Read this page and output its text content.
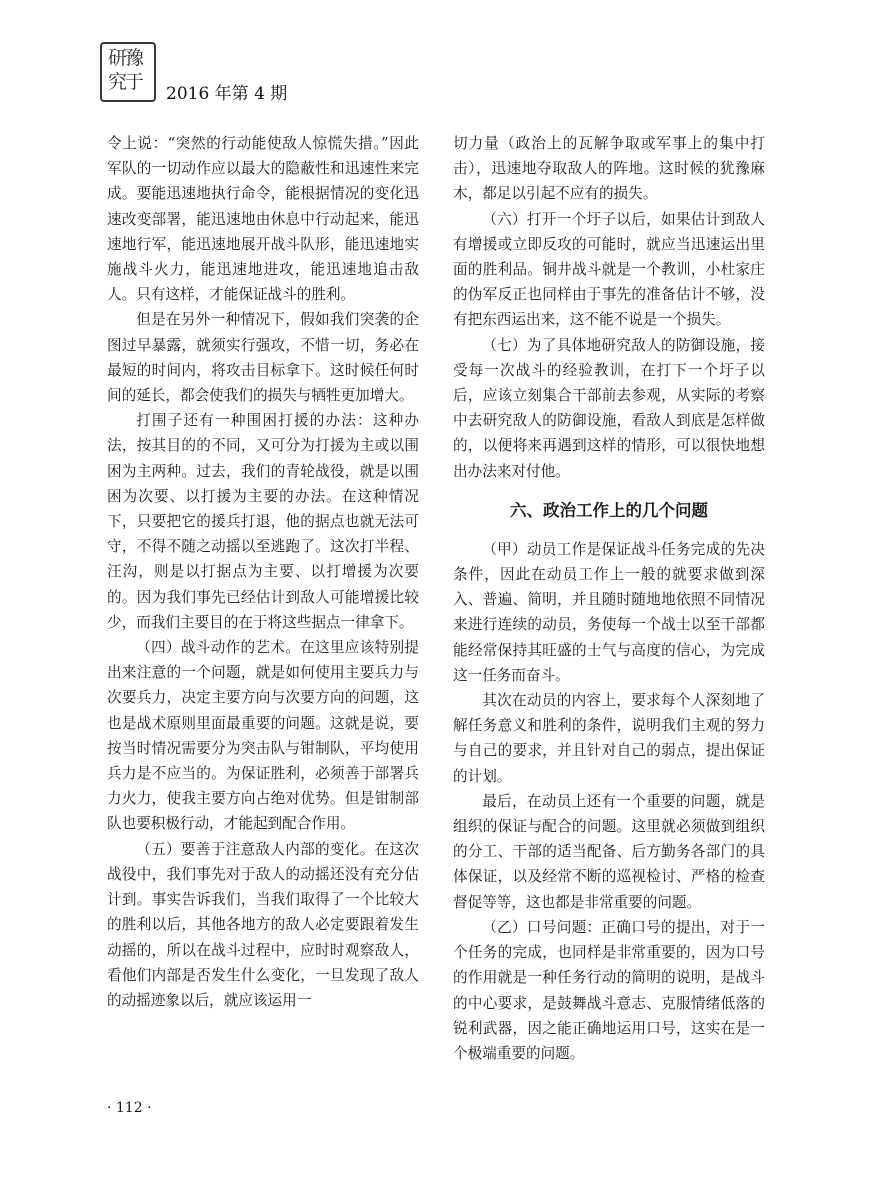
研豫
究于
2016 年第 4 期

令上说：“突然的行动能使敌人惊慌失措。”因此军队的一切动作应以最大的隐蔽性和迅速性来完成。要能迅速地执行命令，能根据情况的变化迅速改变部署，能迅速地由休息中行动起来，能迅速地行军，能迅速地展开战斗队形，能迅速地实施战斗火力，能迅速地进攻，能迅速地追击敌人。只有这样，才能保证战斗的胜利。

但是在另外一种情况下，假如我们突袭的企图过早暴露，就须实行强攻，不惜一切，务必在最短的时间内，将攻击目标拿下。这时候任何时间的延长，都会使我们的损失与牺牲更加增大。

打围子还有一种围困打援的办法：这种办法，按其目的的不同，又可分为打援为主或以围困为主两种。过去，我们的青轮战役，就是以围困为次要、以打援为主要的办法。在这种情况下，只要把它的援兵打退，他的据点也就无法可守，不得不随之动摇以至逃跑了。这次打半程、汪沟，则是以打据点为主要、以打增援为次要的。因为我们事先已经估计到敌人可能增援比较少，而我们主要目的在于将这些据点一律拿下。

（四）战斗动作的艺术。在这里应该特别提出来注意的一个问题，就是如何使用主要兵力与次要兵力，决定主要方向与次要方向的问题，这也是战术原则里面最重要的问题。这就是说，要按当时情况需要分为突击队与钳制队，平均使用兵力是不应当的。为保证胜利，必须善于部署兵力火力，使我主要方向占绝对优势。但是钳制部队也要积极行动，才能起到配合作用。

（五）要善于注意敌人内部的变化。在这次战役中，我们事先对于敌人的动摇还没有充分估计到。事实告诉我们，当我们取得了一个比较大的胜利以后，其他各地方的敌人必定要跟着发生动摇的，所以在战斗过程中，应时时观察敌人，看他们内部是否发生什么变化，一旦发现了敌人的动摇迹象以后，就应该运用一

切力量（政治上的瓦解争取或军事上的集中打击），迅速地夺取敌人的阵地。这时候的犹豫麻木，都足以引起不应有的损失。

（六）打开一个圩子以后，如果估计到敌人有增援或立即反攻的可能时，就应当迅速运出里面的胜利品。铜井战斗就是一个教训，小杜家庄的伪军反正也同样由于事先的准备估计不够，没有把东西运出来，这不能不说是一个损失。

（七）为了具体地研究敌人的防御设施，接受每一次战斗的经验教训，在打下一个圩子以后，应该立刻集合干部前去参观，从实际的考察中去研究敌人的防御设施，看敌人到底是怎样做的，以便将来再遇到这样的情形，可以很快地想出办法来对付他。

六、政治工作上的几个问题

（甲）动员工作是保证战斗任务完成的先决条件，因此在动员工作上一般的就要求做到深入、普遍、简明，并且随时随地地依照不同情况来进行连续的动员，务使每一个战士以至干部都能经常保持其旺盛的士气与高度的信心，为完成这一任务而奋斗。

其次在动员的内容上，要求每个人深刻地了解任务意义和胜利的条件，说明我们主观的努力与自己的要求，并且针对自己的弱点，提出保证的计划。

最后，在动员上还有一个重要的问题，就是组织的保证与配合的问题。这里就必须做到组织的分工、干部的适当配备、后方勤务各部门的具体保证，以及经常不断的巡视检讨、严格的检查督促等等，这也都是非常重要的问题。

（乙）口号问题：正确口号的提出，对于一个任务的完成，也同样是非常重要的，因为口号的作用就是一种任务行动的简明的说明，是战斗的中心要求，是鼓舞战斗意志、克服情绪低落的锐利武器，因之能正确地运用口号，这实在是一个极端重要的问题。

· 112 ·
